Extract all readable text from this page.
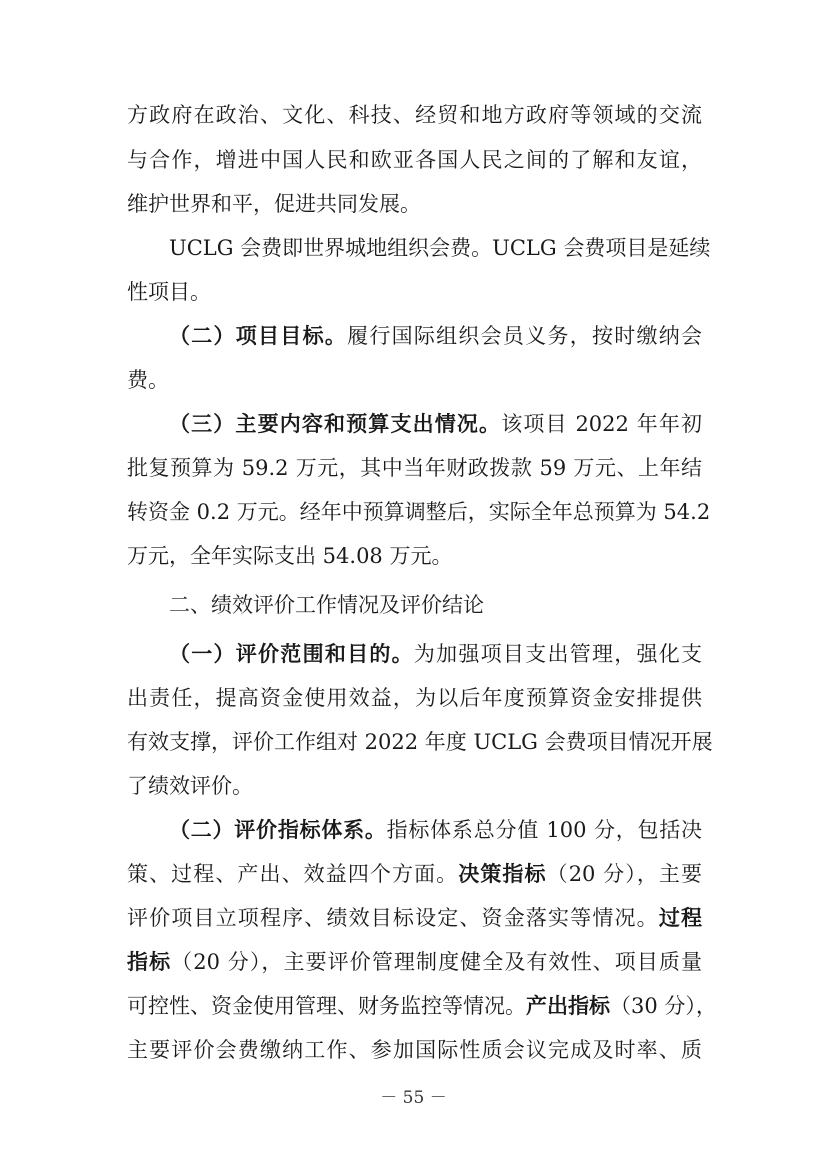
方政府在政治、文化、科技、经贸和地方政府等领域的交流
与合作，增进中国人民和欧亚各国人民之间的了解和友谊，
维护世界和平，促进共同发展。
UCLG 会费即世界城地组织会费。UCLG 会费项目是延续
性项目。
（二）项目目标。履行国际组织会员义务，按时缴纳会
费。
（三）主要内容和预算支出情况。该项目 2022 年年初
批复预算为 59.2 万元，其中当年财政拨款 59 万元、上年结
转资金 0.2 万元。经年中预算调整后，实际全年总预算为 54.2
万元，全年实际支出 54.08 万元。
二、绩效评价工作情况及评价结论
（一）评价范围和目的。为加强项目支出管理，强化支
出责任，提高资金使用效益，为以后年度预算资金安排提供
有效支撑，评价工作组对 2022 年度 UCLG 会费项目情况开展
了绩效评价。
（二）评价指标体系。指标体系总分值 100 分，包括决
策、过程、产出、效益四个方面。决策指标（20 分），主要
评价项目立项程序、绩效目标设定、资金落实等情况。过程
指标（20 分），主要评价管理制度健全及有效性、项目质量
可控性、资金使用管理、财务监控等情况。产出指标（30 分），
主要评价会费缴纳工作、参加国际性质会议完成及时率、质
－ 55 －
